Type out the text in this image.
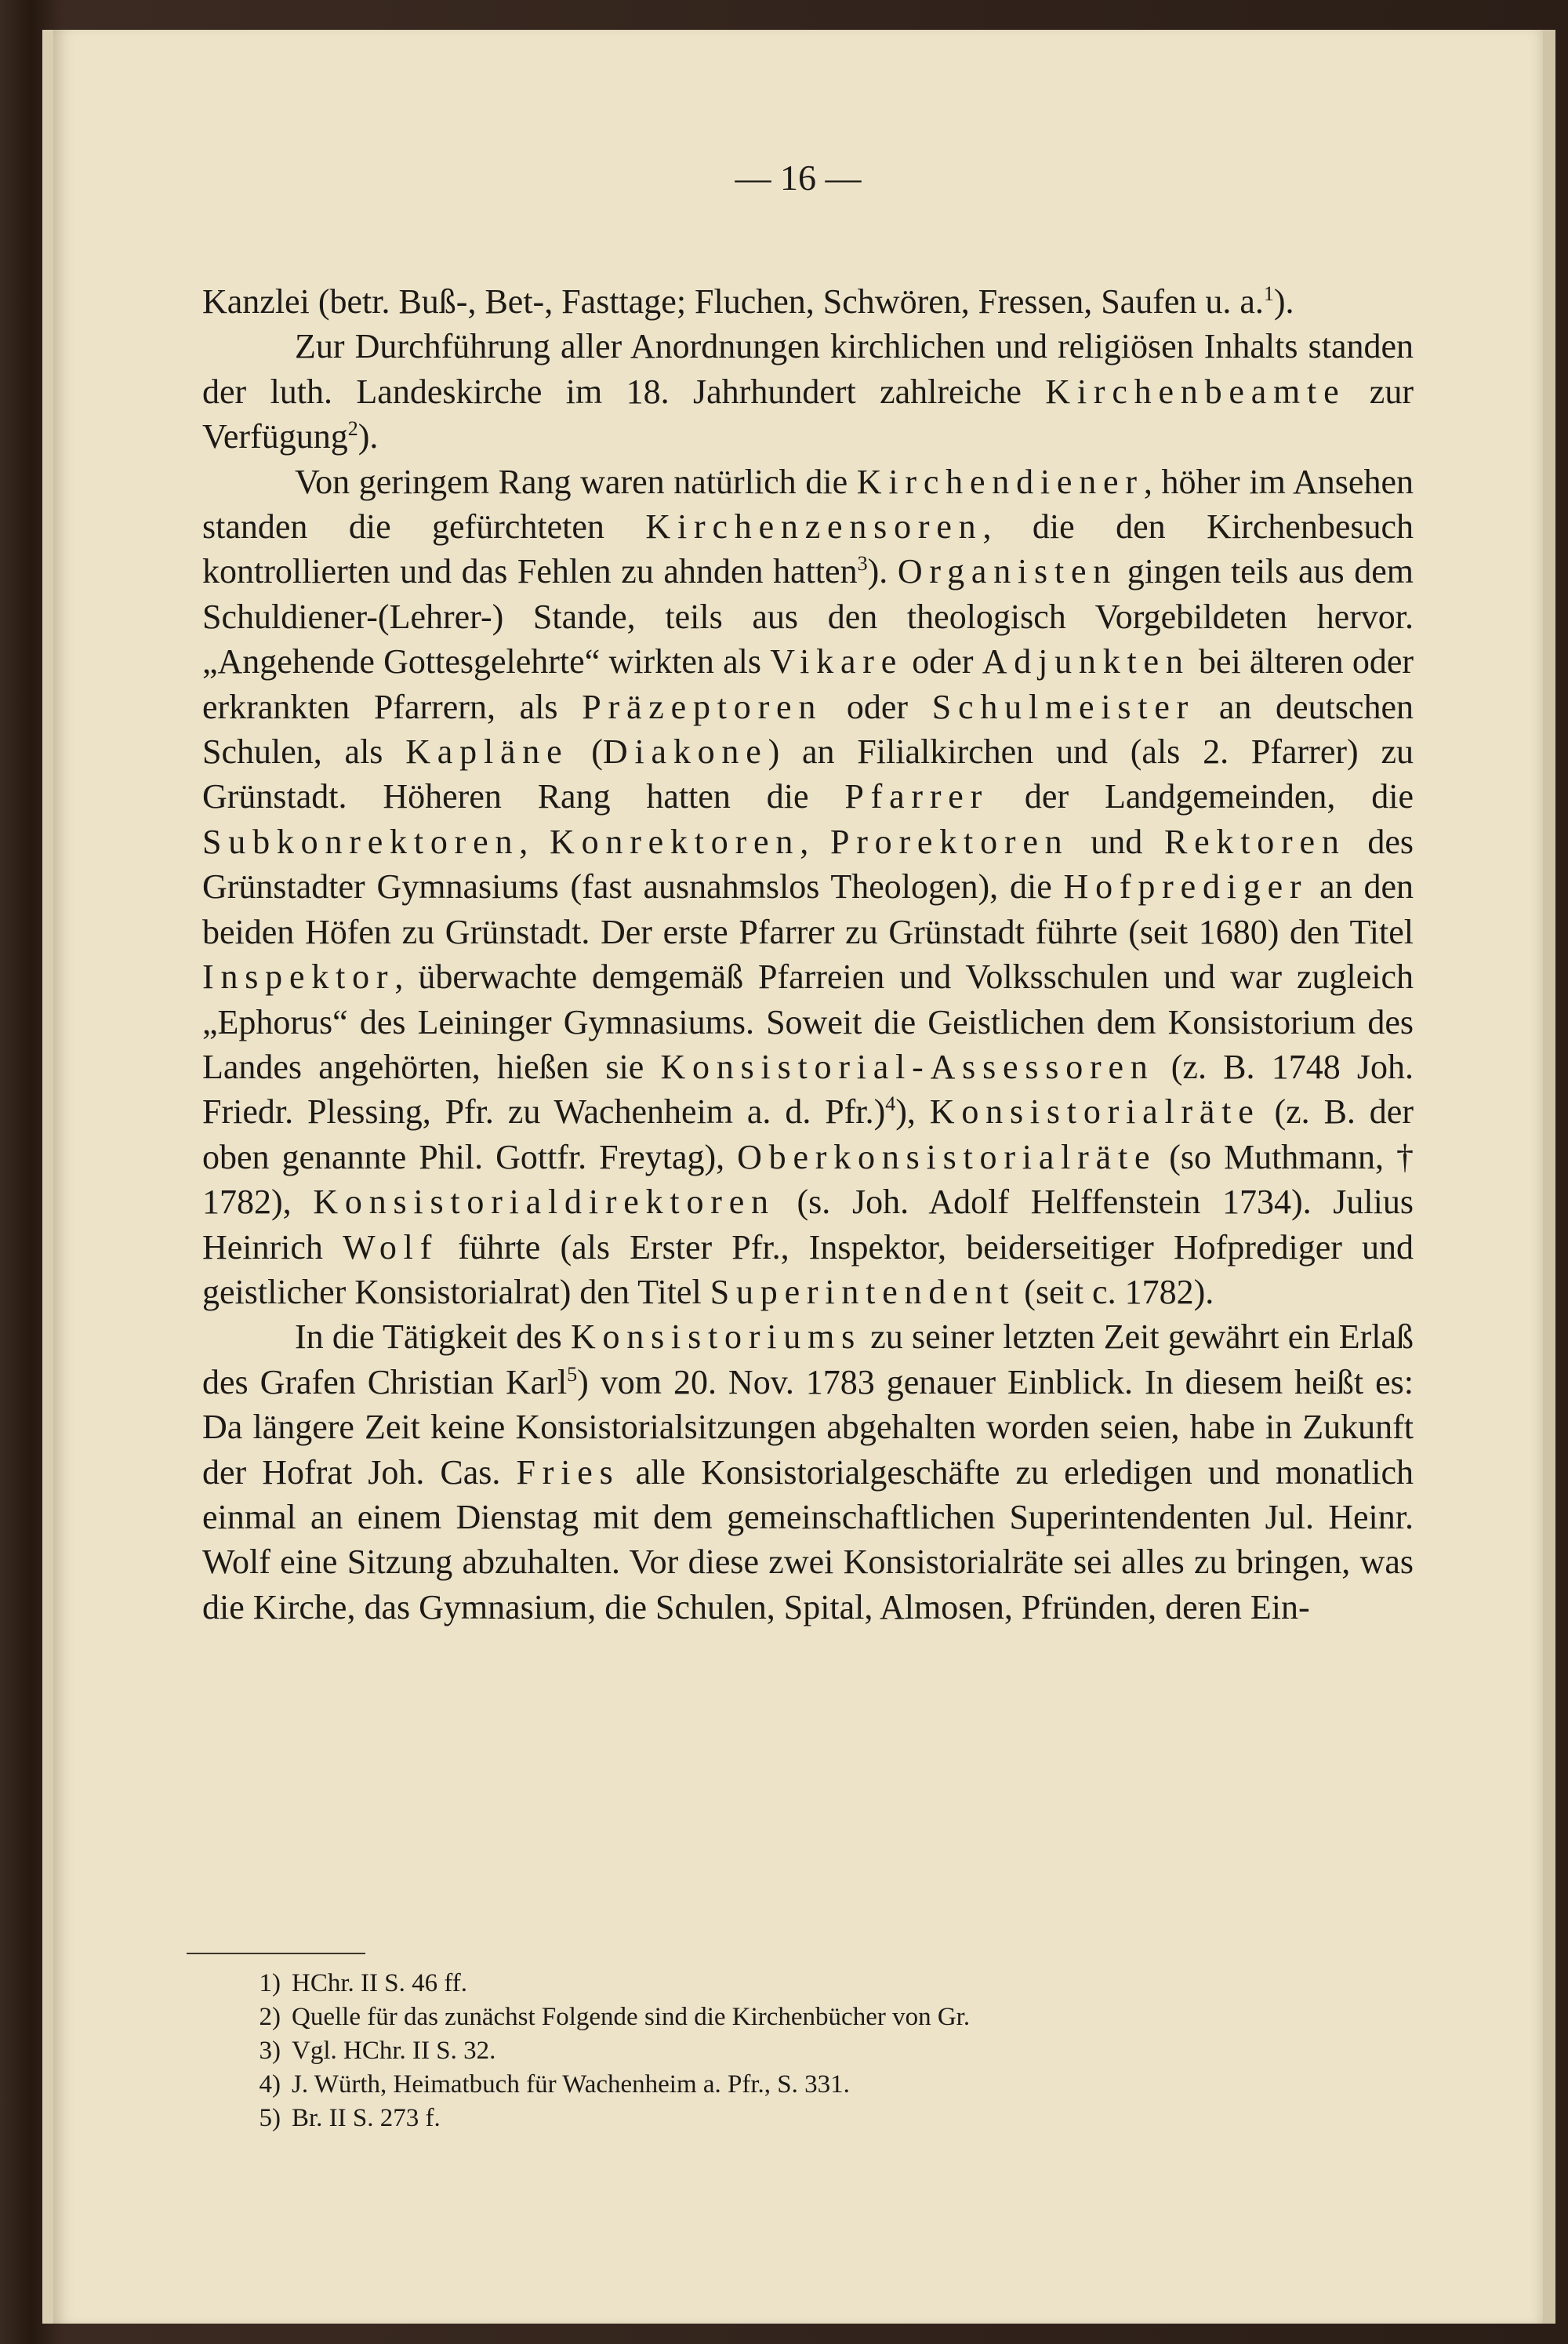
— 16 —

Kanzlei (betr. Buß-, Bet-, Fasttage; Fluchen, Schwören, Fressen, Saufen u. a.$^1$).

Zur Durchführung aller Anordnungen kirchlichen und religiösen Inhalts standen der luth. Landeskirche im 18. Jahrhundert zahlreiche Kirchenbeamte zur Verfügung$^2$).

Von geringem Rang waren natürlich die Kirchendiener, höher im Ansehen standen die gefürchteten Kirchenzensoren, die den Kirchenbesuch kontrollierten und das Fehlen zu ahnden hatten$^3$). Organisten gingen teils aus dem Schuldiener-(Lehrer-) Stande, teils aus den theologisch Vorgebildeten hervor. „Angehende Gottesgelehrte“ wirkten als Vikare oder Adjunkten bei älteren oder erkrankten Pfarrern, als Präzeptoren oder Schulmeister an deutschen Schulen, als Kapläne (Diakone) an Filialkirchen und (als 2. Pfarrer) zu Grünstadt. Höheren Rang hatten die Pfarrer der Landgemeinden, die Subkonrektoren, Konrektoren, Prorektoren und Rektoren des Grünstadter Gymnasiums (fast ausnahmslos Theologen), die Hofprediger an den beiden Höfen zu Grünstadt. Der erste Pfarrer zu Grünstadt führte (seit 1680) den Titel Inspektor, überwachte demgemäß Pfarreien und Volksschulen und war zugleich „Ephorus“ des Leininger Gymnasiums. Soweit die Geistlichen dem Konsistorium des Landes angehörten, hießen sie Konsistorial-Assessoren (z. B. 1748 Joh. Friedr. Plessing, Pfr. zu Wachenheim a. d. Pfr.)$^4$), Konsistorialräte (z. B. der oben genannte Phil. Gottfr. Freytag), Oberkonsistorialräte (so Muthmann, † 1782), Konsistorialdirektoren (s. Joh. Adolf Helffenstein 1734). Julius Heinrich Wolf führte (als Erster Pfr., Inspektor, beiderseitiger Hofprediger und geistlicher Konsistorialrat) den Titel Superintendent (seit c. 1782).

In die Tätigkeit des Konsistoriums zu seiner letzten Zeit gewährt ein Erlaß des Grafen Christian Karl$^5$) vom 20. Nov. 1783 genauer Einblick. In diesem heißt es: Da längere Zeit keine Konsistorialsitzungen abgehalten worden seien, habe in Zukunft der Hofrat Joh. Cas. Fries alle Konsistorialgeschäfte zu erledigen und monatlich einmal an einem Dienstag mit dem gemeinschaftlichen Superintendenten Jul. Heinr. Wolf eine Sitzung abzuhalten. Vor diese zwei Konsistorialräte sei alles zu bringen, was die Kirche, das Gymnasium, die Schulen, Spital, Almosen, Pfründen, deren Ein-

1) HChr. II S. 46 ff.
2) Quelle für das zunächst Folgende sind die Kirchenbücher von Gr.
3) Vgl. HChr. II S. 32.
4) J. Würth, Heimatbuch für Wachenheim a. Pfr., S. 331.
5) Br. II S. 273 f.
